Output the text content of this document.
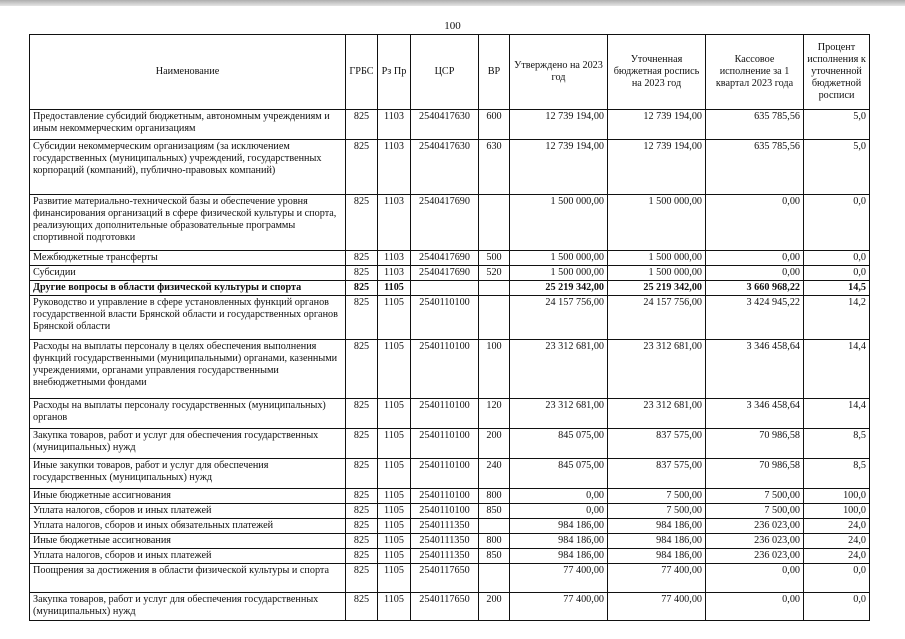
100
Наименование	ГРБС	Рз Пр	ЦСР	ВР	Утверждено на 2023 год	Уточненная бюджетная роспись на 2023 год	Кассовое исполнение за 1 квартал 2023 года	Процент исполнения к уточненной бюджетной росписи
Предоставление субсидий бюджетным, автономным учреждениям и иным некоммерческим организациям	825	1103	2540417630	600	12 739 194,00	12 739 194,00	635 785,56	5,0
Субсидии некоммерческим организациям (за исключением государственных (муниципальных) учреждений, государственных корпораций (компаний), публично-правовых компаний)	825	1103	2540417630	630	12 739 194,00	12 739 194,00	635 785,56	5,0
Развитие материально-технической базы и обеспечение уровня финансирования организаций в сфере физической культуры и спорта, реализующих дополнительные образовательные программы спортивной подготовки	825	1103	2540417690		1 500 000,00	1 500 000,00	0,00	0,0
Межбюджетные трансферты	825	1103	2540417690	500	1 500 000,00	1 500 000,00	0,00	0,0
Субсидии	825	1103	2540417690	520	1 500 000,00	1 500 000,00	0,00	0,0
Другие вопросы в области физической культуры и спорта	825	1105			25 219 342,00	25 219 342,00	3 660 968,22	14,5
Руководство и управление в сфере установленных функций органов государственной власти Брянской области и государственных органов Брянской области	825	1105	2540110100		24 157 756,00	24 157 756,00	3 424 945,22	14,2
Расходы на выплаты персоналу в целях обеспечения выполнения функций государственными (муниципальными) органами, казенными учреждениями, органами управления государственными внебюджетными фондами	825	1105	2540110100	100	23 312 681,00	23 312 681,00	3 346 458,64	14,4
Расходы на выплаты персоналу государственных (муниципальных) органов	825	1105	2540110100	120	23 312 681,00	23 312 681,00	3 346 458,64	14,4
Закупка товаров, работ и услуг для обеспечения государственных (муниципальных) нужд	825	1105	2540110100	200	845 075,00	837 575,00	70 986,58	8,5
Иные закупки товаров, работ и услуг для обеспечения государственных (муниципальных) нужд	825	1105	2540110100	240	845 075,00	837 575,00	70 986,58	8,5
Иные бюджетные ассигнования	825	1105	2540110100	800	0,00	7 500,00	7 500,00	100,0
Уплата налогов, сборов и иных платежей	825	1105	2540110100	850	0,00	7 500,00	7 500,00	100,0
Уплата налогов, сборов и иных обязательных платежей	825	1105	2540111350		984 186,00	984 186,00	236 023,00	24,0
Иные бюджетные ассигнования	825	1105	2540111350	800	984 186,00	984 186,00	236 023,00	24,0
Уплата налогов, сборов и иных платежей	825	1105	2540111350	850	984 186,00	984 186,00	236 023,00	24,0
Поощрения за достижения в области физической культуры и спорта	825	1105	2540117650		77 400,00	77 400,00	0,00	0,0
Закупка товаров, работ и услуг для обеспечения государственных (муниципальных) нужд	825	1105	2540117650	200	77 400,00	77 400,00	0,00	0,0
